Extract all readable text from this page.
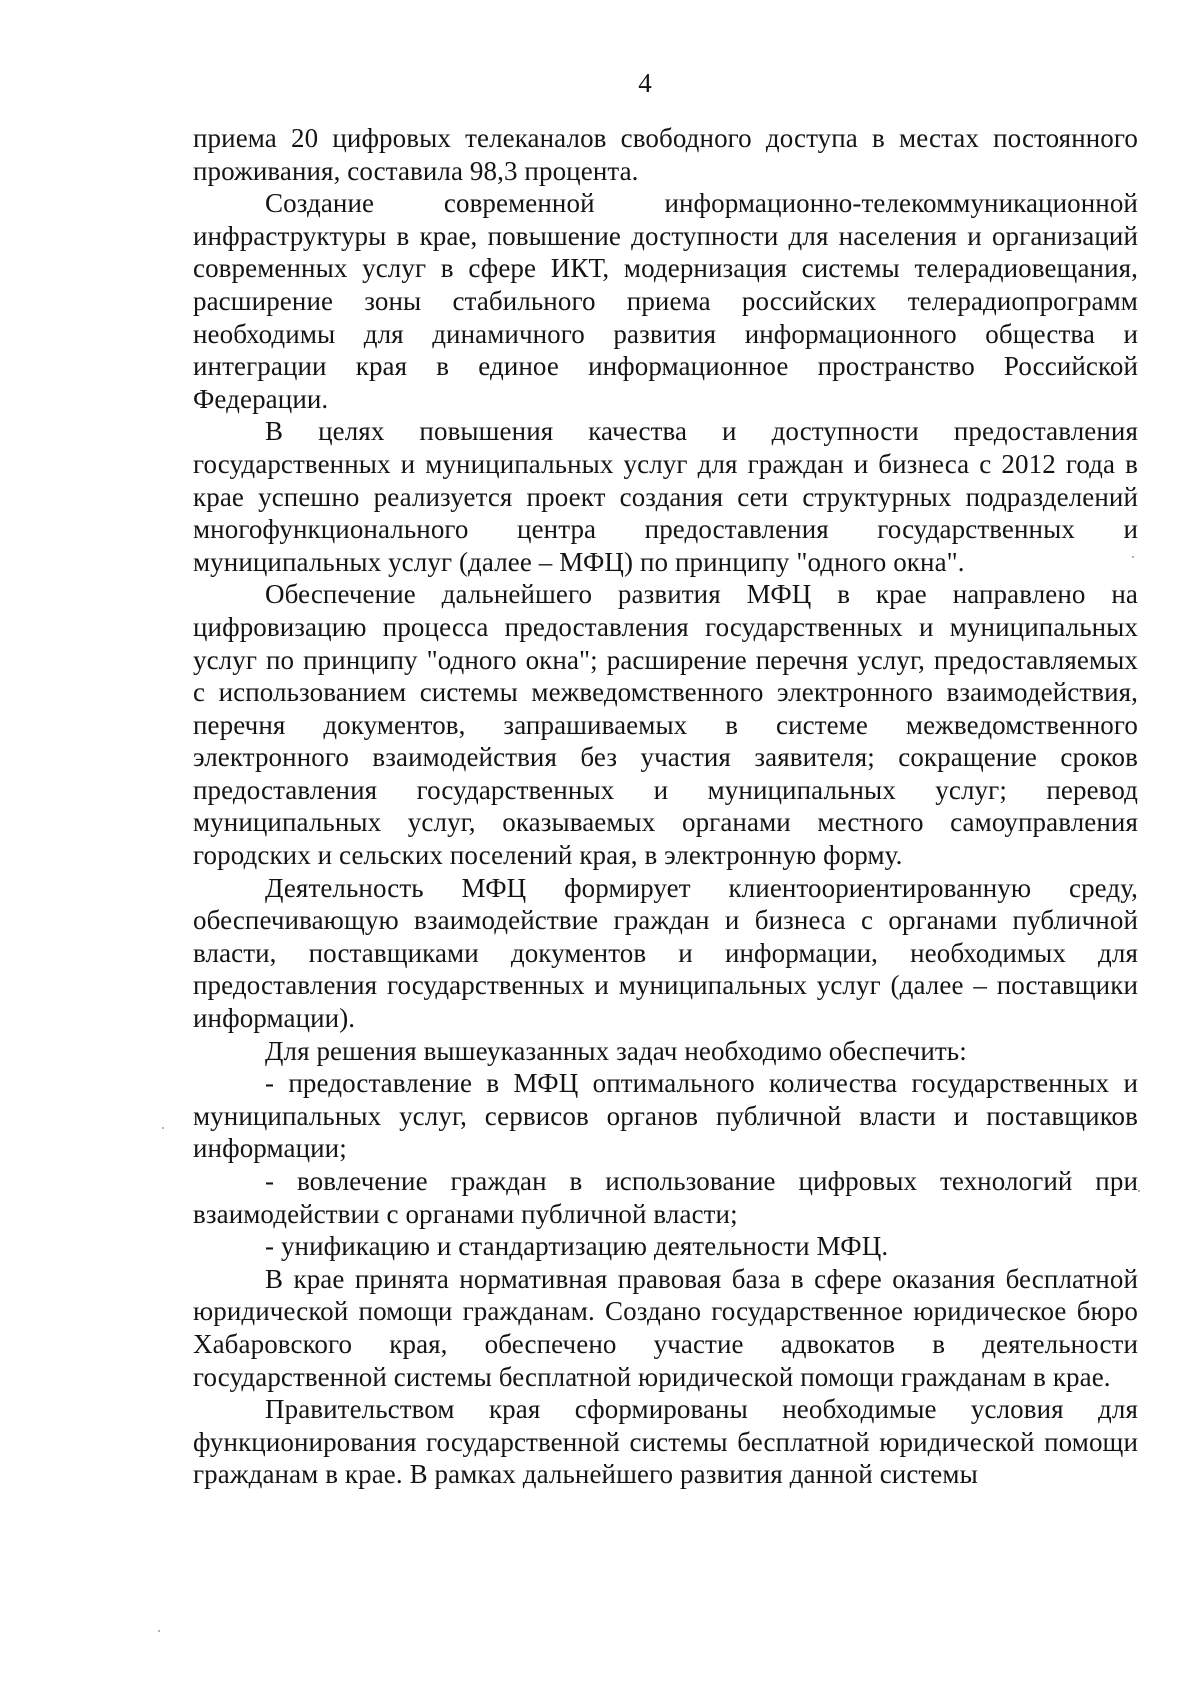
4

приема 20 цифровых телеканалов свободного доступа в местах постоянного проживания, составила 98,3 процента.

Создание современной информационно-телекоммуникационной инфраструктуры в крае, повышение доступности для населения и организаций современных услуг в сфере ИКТ, модернизация системы телерадиовещания, расширение зоны стабильного приема российских телерадиопрограмм необходимы для динамичного развития информационного общества и интеграции края в единое информационное пространство Российской Федерации.

В целях повышения качества и доступности предоставления государственных и муниципальных услуг для граждан и бизнеса с 2012 года в крае успешно реализуется проект создания сети структурных подразделений многофункционального центра предоставления государственных и муниципальных услуг (далее – МФЦ) по принципу "одного окна".

Обеспечение дальнейшего развития МФЦ в крае направлено на цифровизацию процесса предоставления государственных и муниципальных услуг по принципу "одного окна"; расширение перечня услуг, предоставляемых с использованием системы межведомственного электронного взаимодействия, перечня документов, запрашиваемых в системе межведомственного электронного взаимодействия без участия заявителя; сокращение сроков предоставления государственных и муниципальных услуг; перевод муниципальных услуг, оказываемых органами местного самоуправления городских и сельских поселений края, в электронную форму.

Деятельность МФЦ формирует клиентоориентированную среду, обеспечивающую взаимодействие граждан и бизнеса с органами публичной власти, поставщиками документов и информации, необходимых для предоставления государственных и муниципальных услуг (далее – поставщики информации).

Для решения вышеуказанных задач необходимо обеспечить:

- предоставление в МФЦ оптимального количества государственных и муниципальных услуг, сервисов органов публичной власти и поставщиков информации;

- вовлечение граждан в использование цифровых технологий при взаимодействии с органами публичной власти;

- унификацию и стандартизацию деятельности МФЦ.

В крае принята нормативная правовая база в сфере оказания бесплатной юридической помощи гражданам. Создано государственное юридическое бюро Хабаровского края, обеспечено участие адвокатов в деятельности государственной системы бесплатной юридической помощи гражданам в крае.

Правительством края сформированы необходимые условия для функционирования государственной системы бесплатной юридической помощи гражданам в крае. В рамках дальнейшего развития данной системы
